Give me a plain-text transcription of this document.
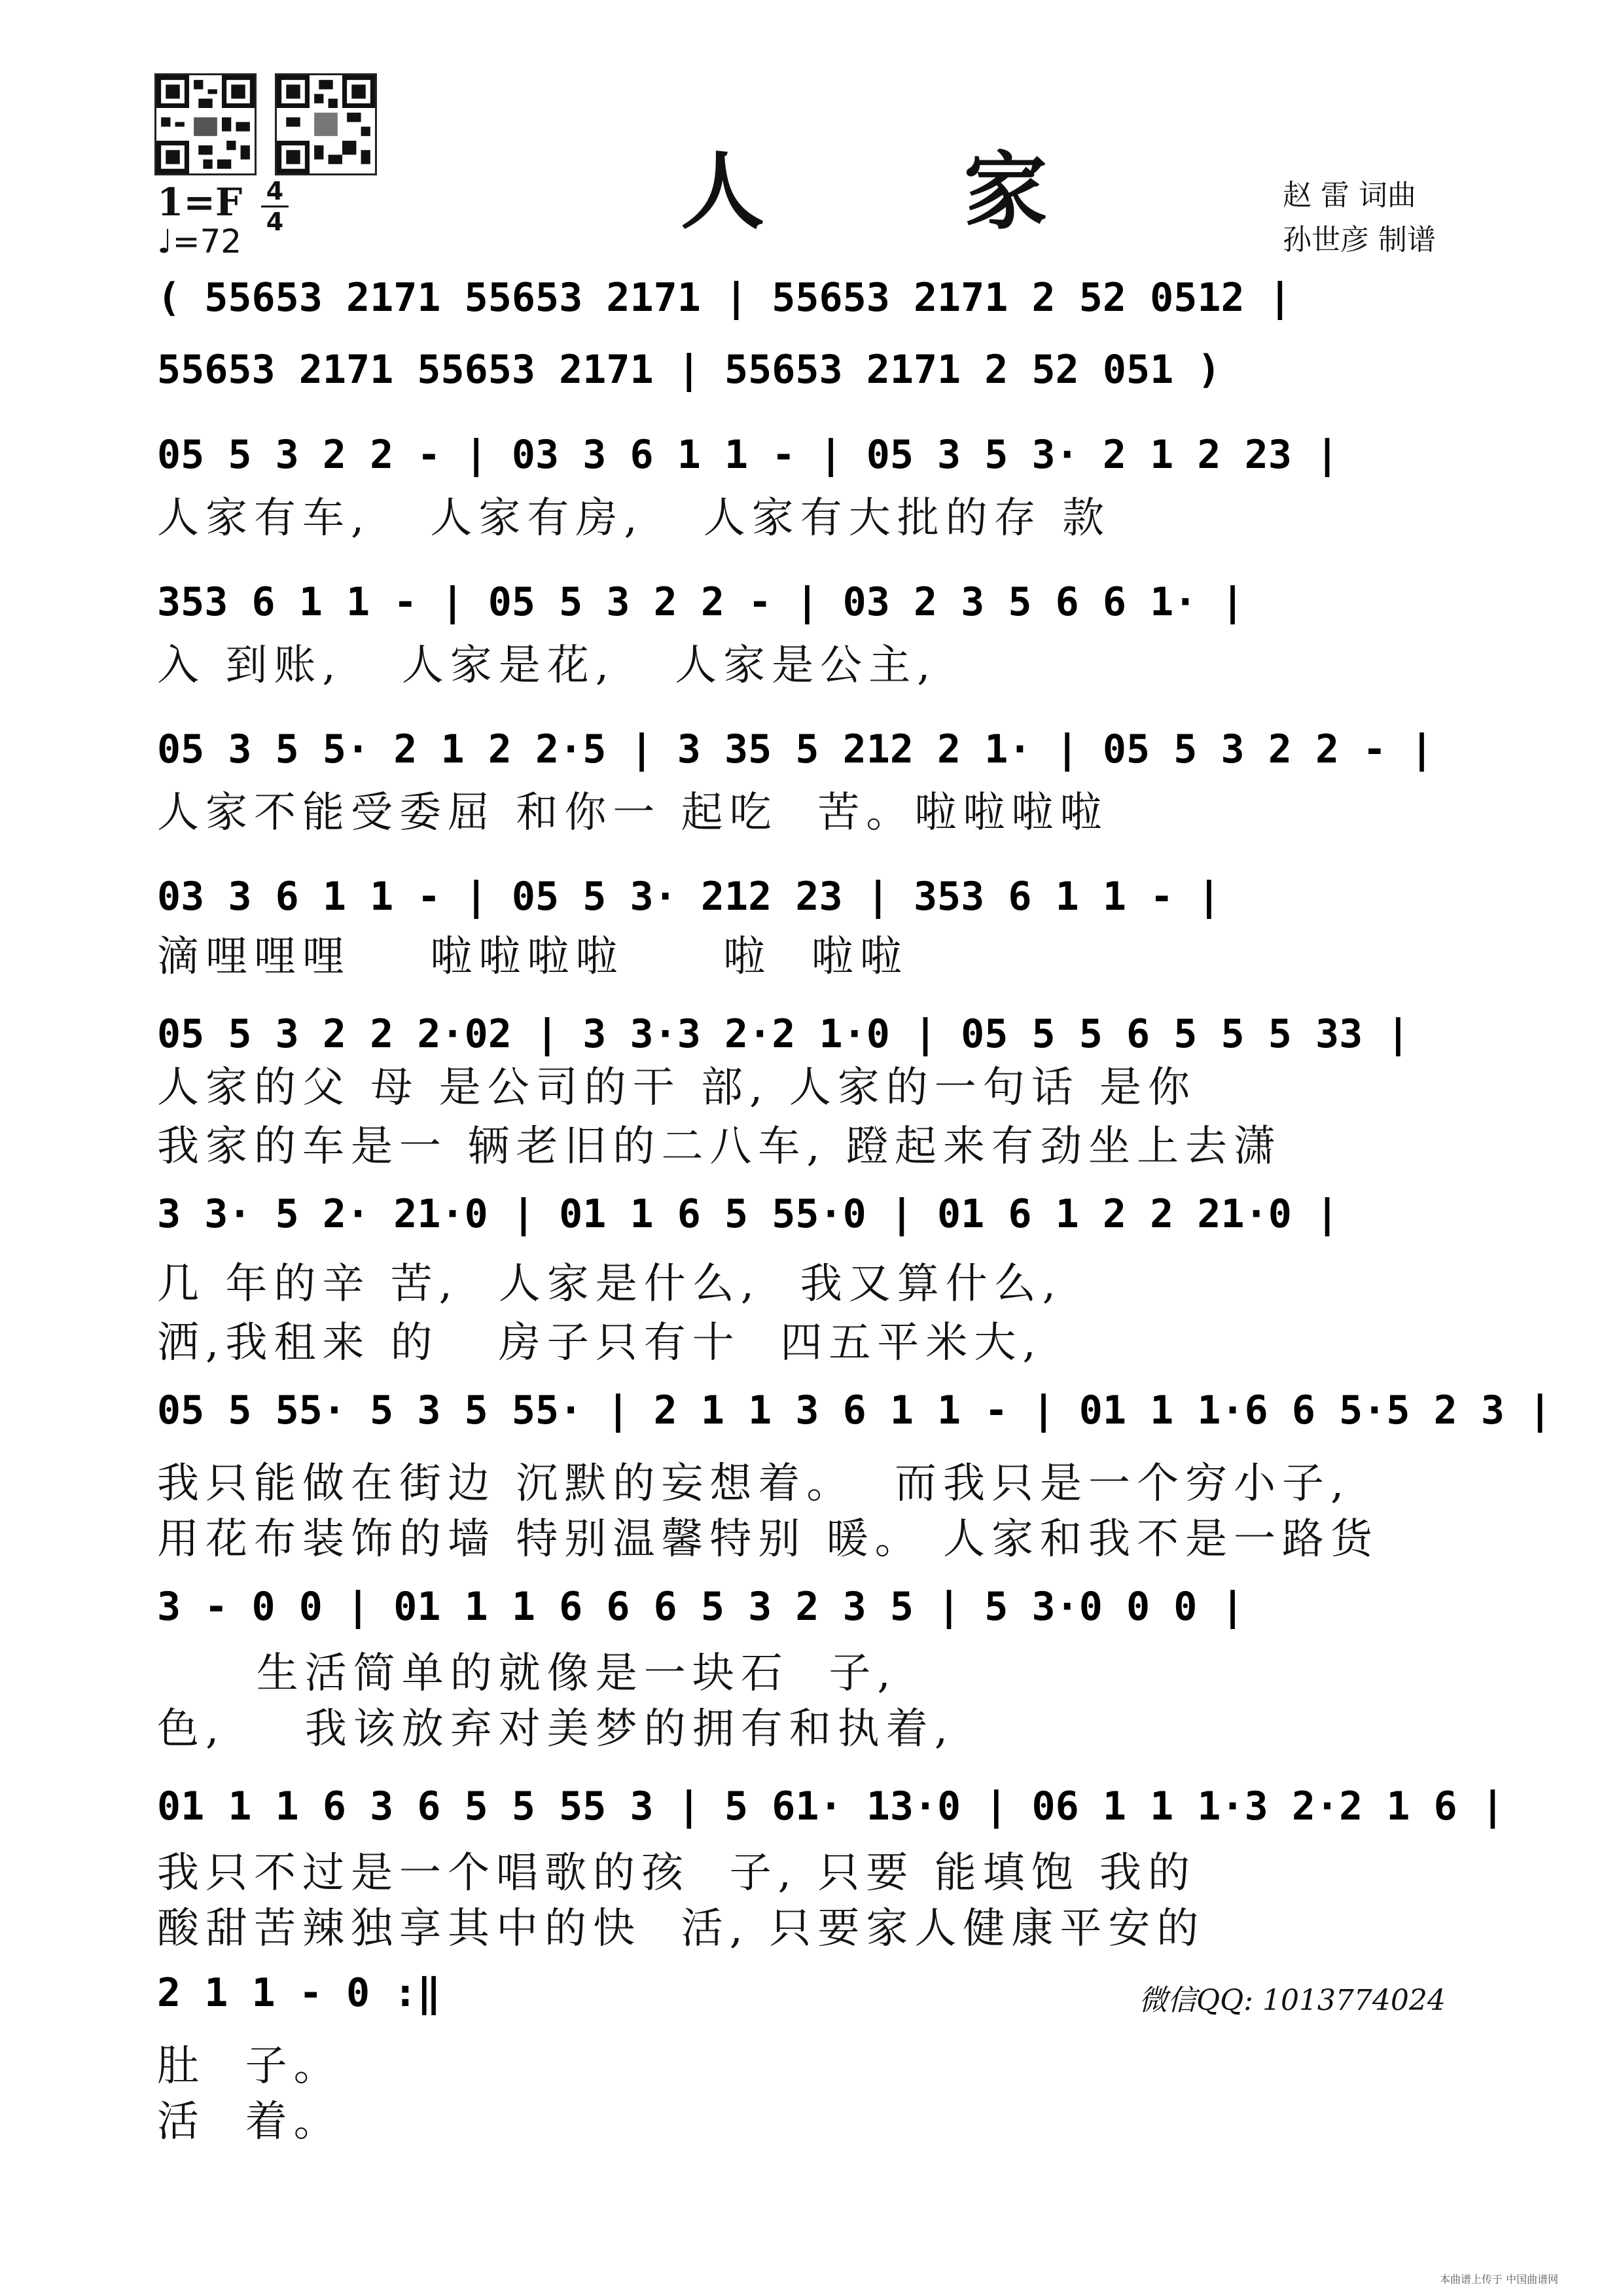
人 家
1=F 4
4
♩=72
赵 雷 词曲
孙世彦 制谱
( 55653 2171 55653 2171 | 55653 2171 2 52 0512 |
55653 2171 55653 2171 | 55653 2171 2 52 051 )
05 5 3 2 2 - | 03 3 6 1 1 - | 05 3 5 3· 2 1 2 23 |
人家有车,   人家有房,   人家有大批的存 款
353 6 1 1 - | 05 5 3 2 2 - | 03 2 3 5 6 6 1· |
入 到账,   人家是花,   人家是公主,
05 3 5 5· 2 1 2 2·5 | 3 35 5 212 2 1· | 05 5 3 2 2 - |
人家不能受委屈 和你一 起吃  苦。啦啦啦啦
03 3 6 1 1 - | 05 5 3· 212 23 | 353 6 1 1 - |
滴哩哩哩    啦啦啦啦     啦  啦啦
05 5 3 2 2 2·02 | 3 3·3 2·2 1·0 | 05 5 5 6 5 5 5 33 |
人家的父 母 是公司的干 部, 人家的一句话 是你
我家的车是一 辆老旧的二八车, 蹬起来有劲坐上去潇
3 3· 5 2· 21·0 | 01 1 6 5 55·0 | 01 6 1 2 2 21·0 |
几 年的辛 苦,  人家是什么,  我又算什么,
洒,我租来 的   房子只有十  四五平米大,
05 5 55· 5 3 5 55· | 2 1 1 3 6 1 1 - | 01 1 1·6 6 5·5 2 3 |
我只能做在街边 沉默的妄想着。  而我只是一个穷小子,
用花布装饰的墙 特别温馨特别 暖。 人家和我不是一路货
3 - 0 0 | 01 1 1 6 6 6 5 3 2 3 5 | 5 3·0 0 0 |
生活简单的就像是一块石  子,
色,    我该放弃对美梦的拥有和执着,
01 1 1 6 3 6 5 5 55 3 | 5 61· 13·0 | 06 1 1 1·3 2·2 1 6 |
我只不过是一个唱歌的孩  子, 只要 能填饱 我的
酸甜苦辣独享其中的快  活, 只要家人健康平安的
2 1 1 - 0 :‖
肚  子。
活  着。
微信QQ: 1013774024
本曲谱上传于 中国曲谱网
